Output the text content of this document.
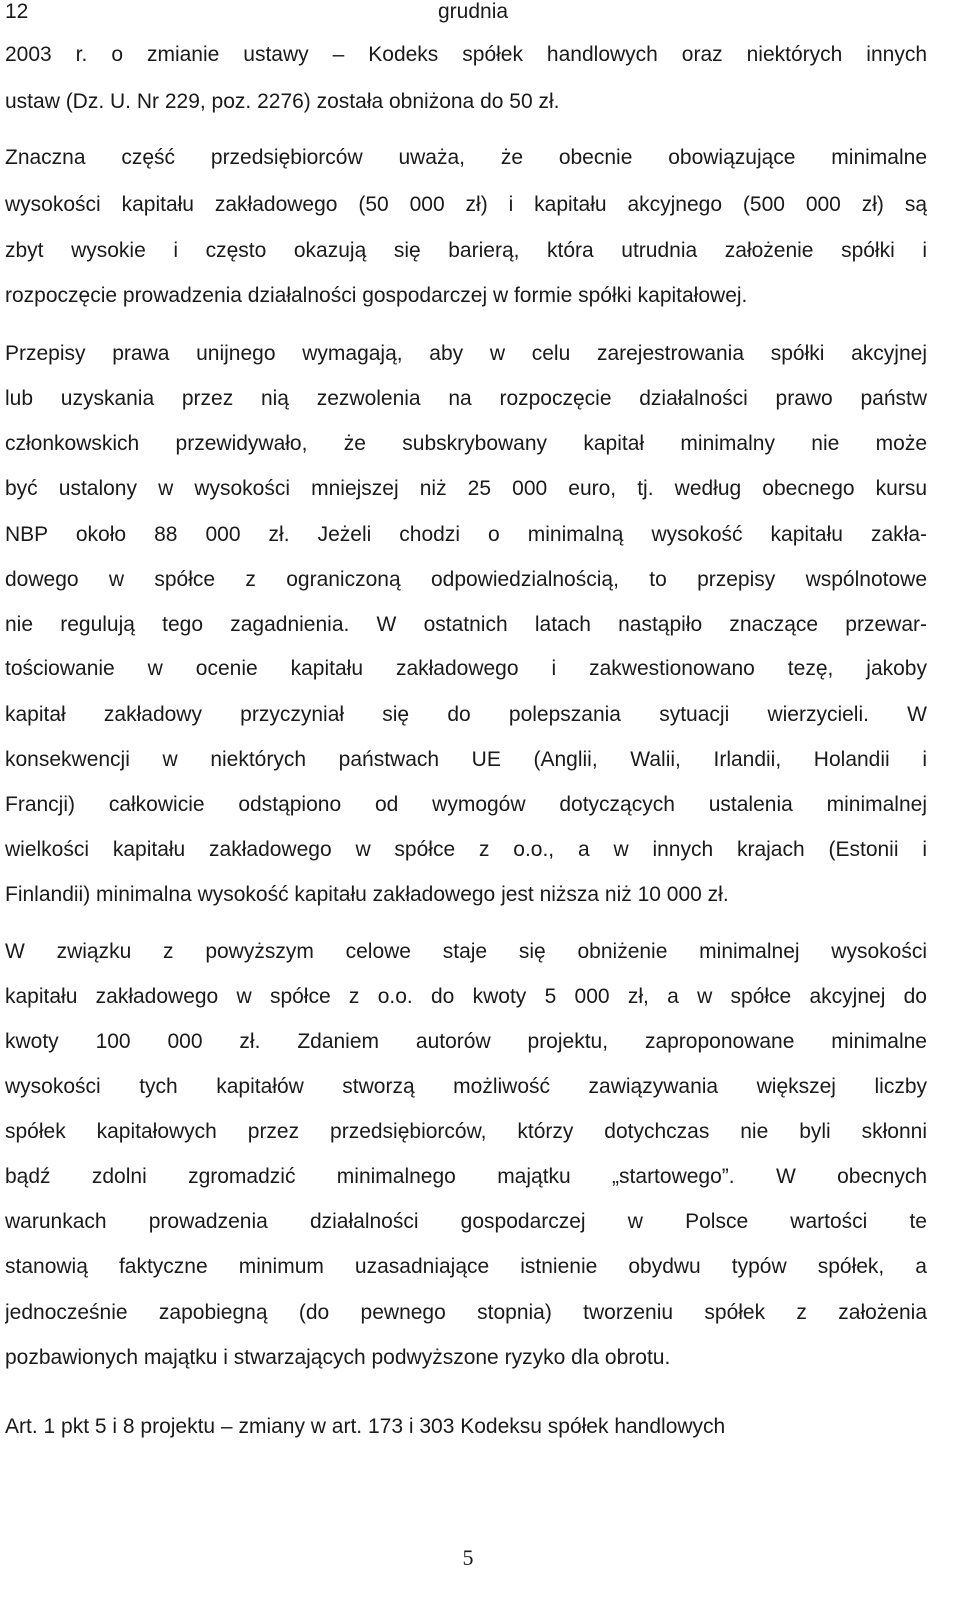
12	grudnia
2003 r. o zmianie ustawy – Kodeks spółek handlowych oraz niektórych innych
ustaw (Dz. U. Nr 229, poz. 2276) została obniżona do 50 zł.
Znaczna część przedsiębiorców uważa, że obecnie obowiązujące minimalne
wysokości kapitału zakładowego (50 000 zł) i kapitału akcyjnego (500 000 zł) są
zbyt wysokie i często okazują się barierą, która utrudnia założenie spółki i
rozpoczęcie prowadzenia działalności gospodarczej w formie spółki kapitałowej.
Przepisy prawa unijnego wymagają, aby w celu zarejestrowania spółki akcyjnej
lub uzyskania przez nią zezwolenia na rozpoczęcie działalności prawo państw
członkowskich przewidywało, że subskrybowany kapitał minimalny nie może
być ustalony w wysokości mniejszej niż 25 000 euro, tj. według obecnego kursu
NBP około 88 000 zł. Jeżeli chodzi o minimalną wysokość kapitału zakła-
dowego w spółce z ograniczoną odpowiedzialnością, to przepisy wspólnotowe
nie regulują tego zagadnienia. W ostatnich latach nastąpiło znaczące przewar-
tościowanie w ocenie kapitału zakładowego i zakwestionowano tezę, jakoby
kapitał zakładowy przyczyniał się do polepszania sytuacji wierzycieli. W
konsekwencji w niektórych państwach UE (Anglii, Walii, Irlandii, Holandii i
Francji) całkowicie odstąpiono od wymogów dotyczących ustalenia minimalnej
wielkości kapitału zakładowego w spółce z o.o., a w innych krajach (Estonii i
Finlandii) minimalna wysokość kapitału zakładowego jest niższa niż 10 000 zł.
W związku z powyższym celowe staje się obniżenie minimalnej wysokości
kapitału zakładowego w spółce z o.o. do kwoty 5 000 zł, a w spółce akcyjnej do
kwoty 100 000 zł. Zdaniem autorów projektu, zaproponowane minimalne
wysokości tych kapitałów stworzą możliwość zawiązywania większej liczby
spółek kapitałowych przez przedsiębiorców, którzy dotychczas nie byli skłonni
bądź zdolni zgromadzić minimalnego majątku „startowego”. W obecnych
warunkach prowadzenia działalności gospodarczej w Polsce wartości te
stanowią faktyczne minimum uzasadniające istnienie obydwu typów spółek, a
jednocześnie zapobiegną (do pewnego stopnia) tworzeniu spółek z założenia
pozbawionych majątku i stwarzających podwyższone ryzyko dla obrotu.
Art. 1 pkt 5 i 8 projektu – zmiany w art. 173 i 303 Kodeksu spółek handlowych
5
